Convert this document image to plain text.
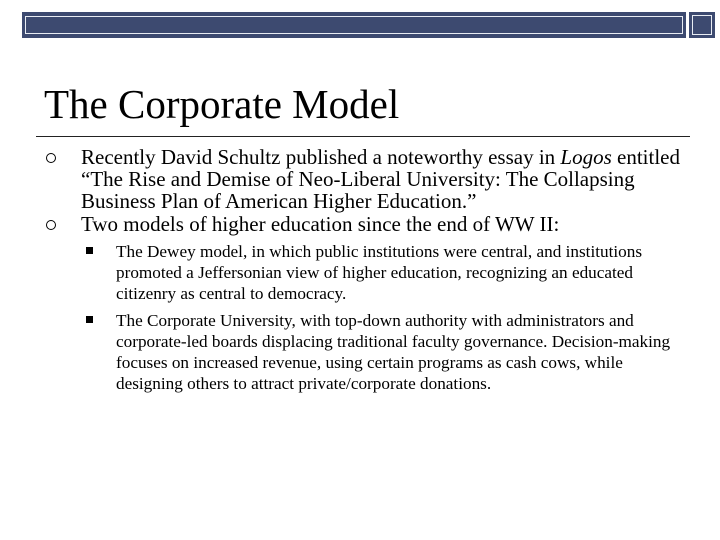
The Corporate Model
Recently David Schultz published a noteworthy essay in Logos entitled “The Rise and Demise of Neo-Liberal University: The Collapsing Business Plan of American Higher Education.”
Two models of higher education since the end of WW II:
The Dewey model, in which public institutions were central, and institutions promoted a Jeffersonian view of higher education, recognizing an educated citizenry as central to democracy.
The Corporate University, with top-down authority with administrators and corporate-led boards displacing traditional faculty governance. Decision-making focuses on increased revenue, using certain programs as cash cows, while designing others to attract private/corporate donations.
